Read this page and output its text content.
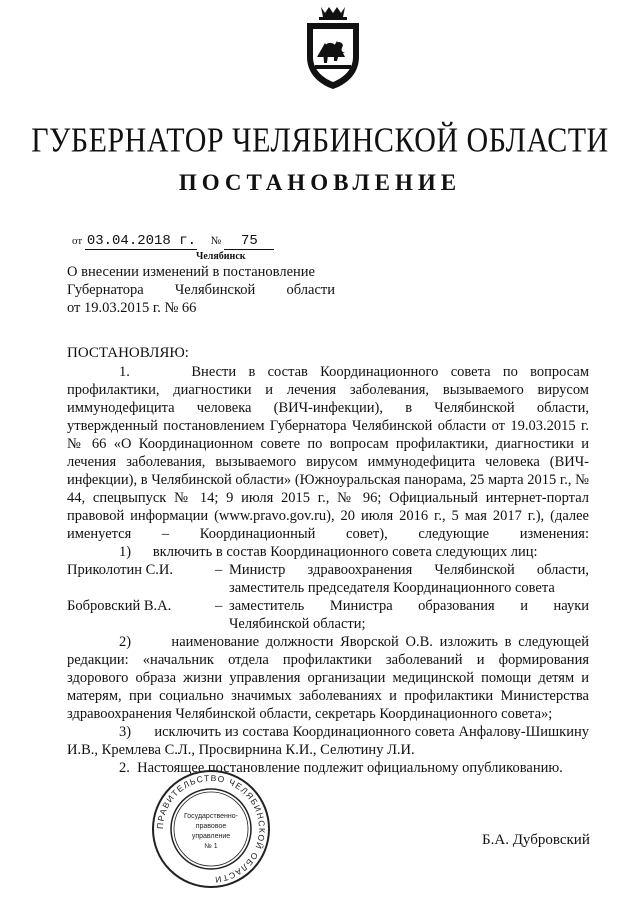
ГУБЕРНАТОР ЧЕЛЯБИНСКОЙ ОБЛАСТИ
ПОСТАНОВЛЕНИЕ
от 03.04.2018 г. № 75
Челябинск
О внесении изменений в постановление
Губернатора Челябинской области
от 19.03.2015 г. № 66
ПОСТАНОВЛЯЮ:

1.     Внести в состав Координационного совета по вопросам профилактики, диагностики и лечения заболевания, вызываемого вирусом иммунодефицита человека (ВИЧ-инфекции), в Челябинской области, утвержденный постановлением Губернатора Челябинской области от 19.03.2015 г. № 66 «О Координационном совете по вопросам профилактики, диагностики и лечения заболевания, вызываемого вирусом иммунодефицита человека (ВИЧ-инфекции), в Челябинской области» (Южноуральская панорама, 25 марта 2015 г., № 44, спецвыпуск № 14; 9 июля 2015 г., № 96; Официальный интернет-портал правовой информации (www.pravo.gov.ru), 20 июля 2016 г., 5 мая 2017 г.), (далее именуется – Координационный совет), следующие изменения:

1)      включить в состав Координационного совета следующих лиц:

Приколотин С.И.	– Министр здравоохранения Челябинской области,
заместитель председателя Координационного совета
Бобровский В.А.	– заместитель Министра образования и науки
Челябинской области;

2)      наименование должности Яворской О.В. изложить в следующей редакции: «начальник отдела профилактики заболеваний и формирования здорового образа жизни управления организации медицинской помощи детям и матерям, при социально значимых заболеваниях и профилактики Министерства здравоохранения Челябинской области, секретарь Координационного совета»;

3)      исключить из состава Координационного совета Анфалову-Шишкину И.В., Кремлева С.Л., Просвирнина К.И., Селютину Л.И.

2.  Настоящее постановление подлежит официальному опубликованию.

ПРАВИТЕЛЬСТВО ЧЕЛЯБИНСКОЙ ОБЛАСТИ
Государственно-
правовое
управление
№ 1	Б.А. Дубровский
